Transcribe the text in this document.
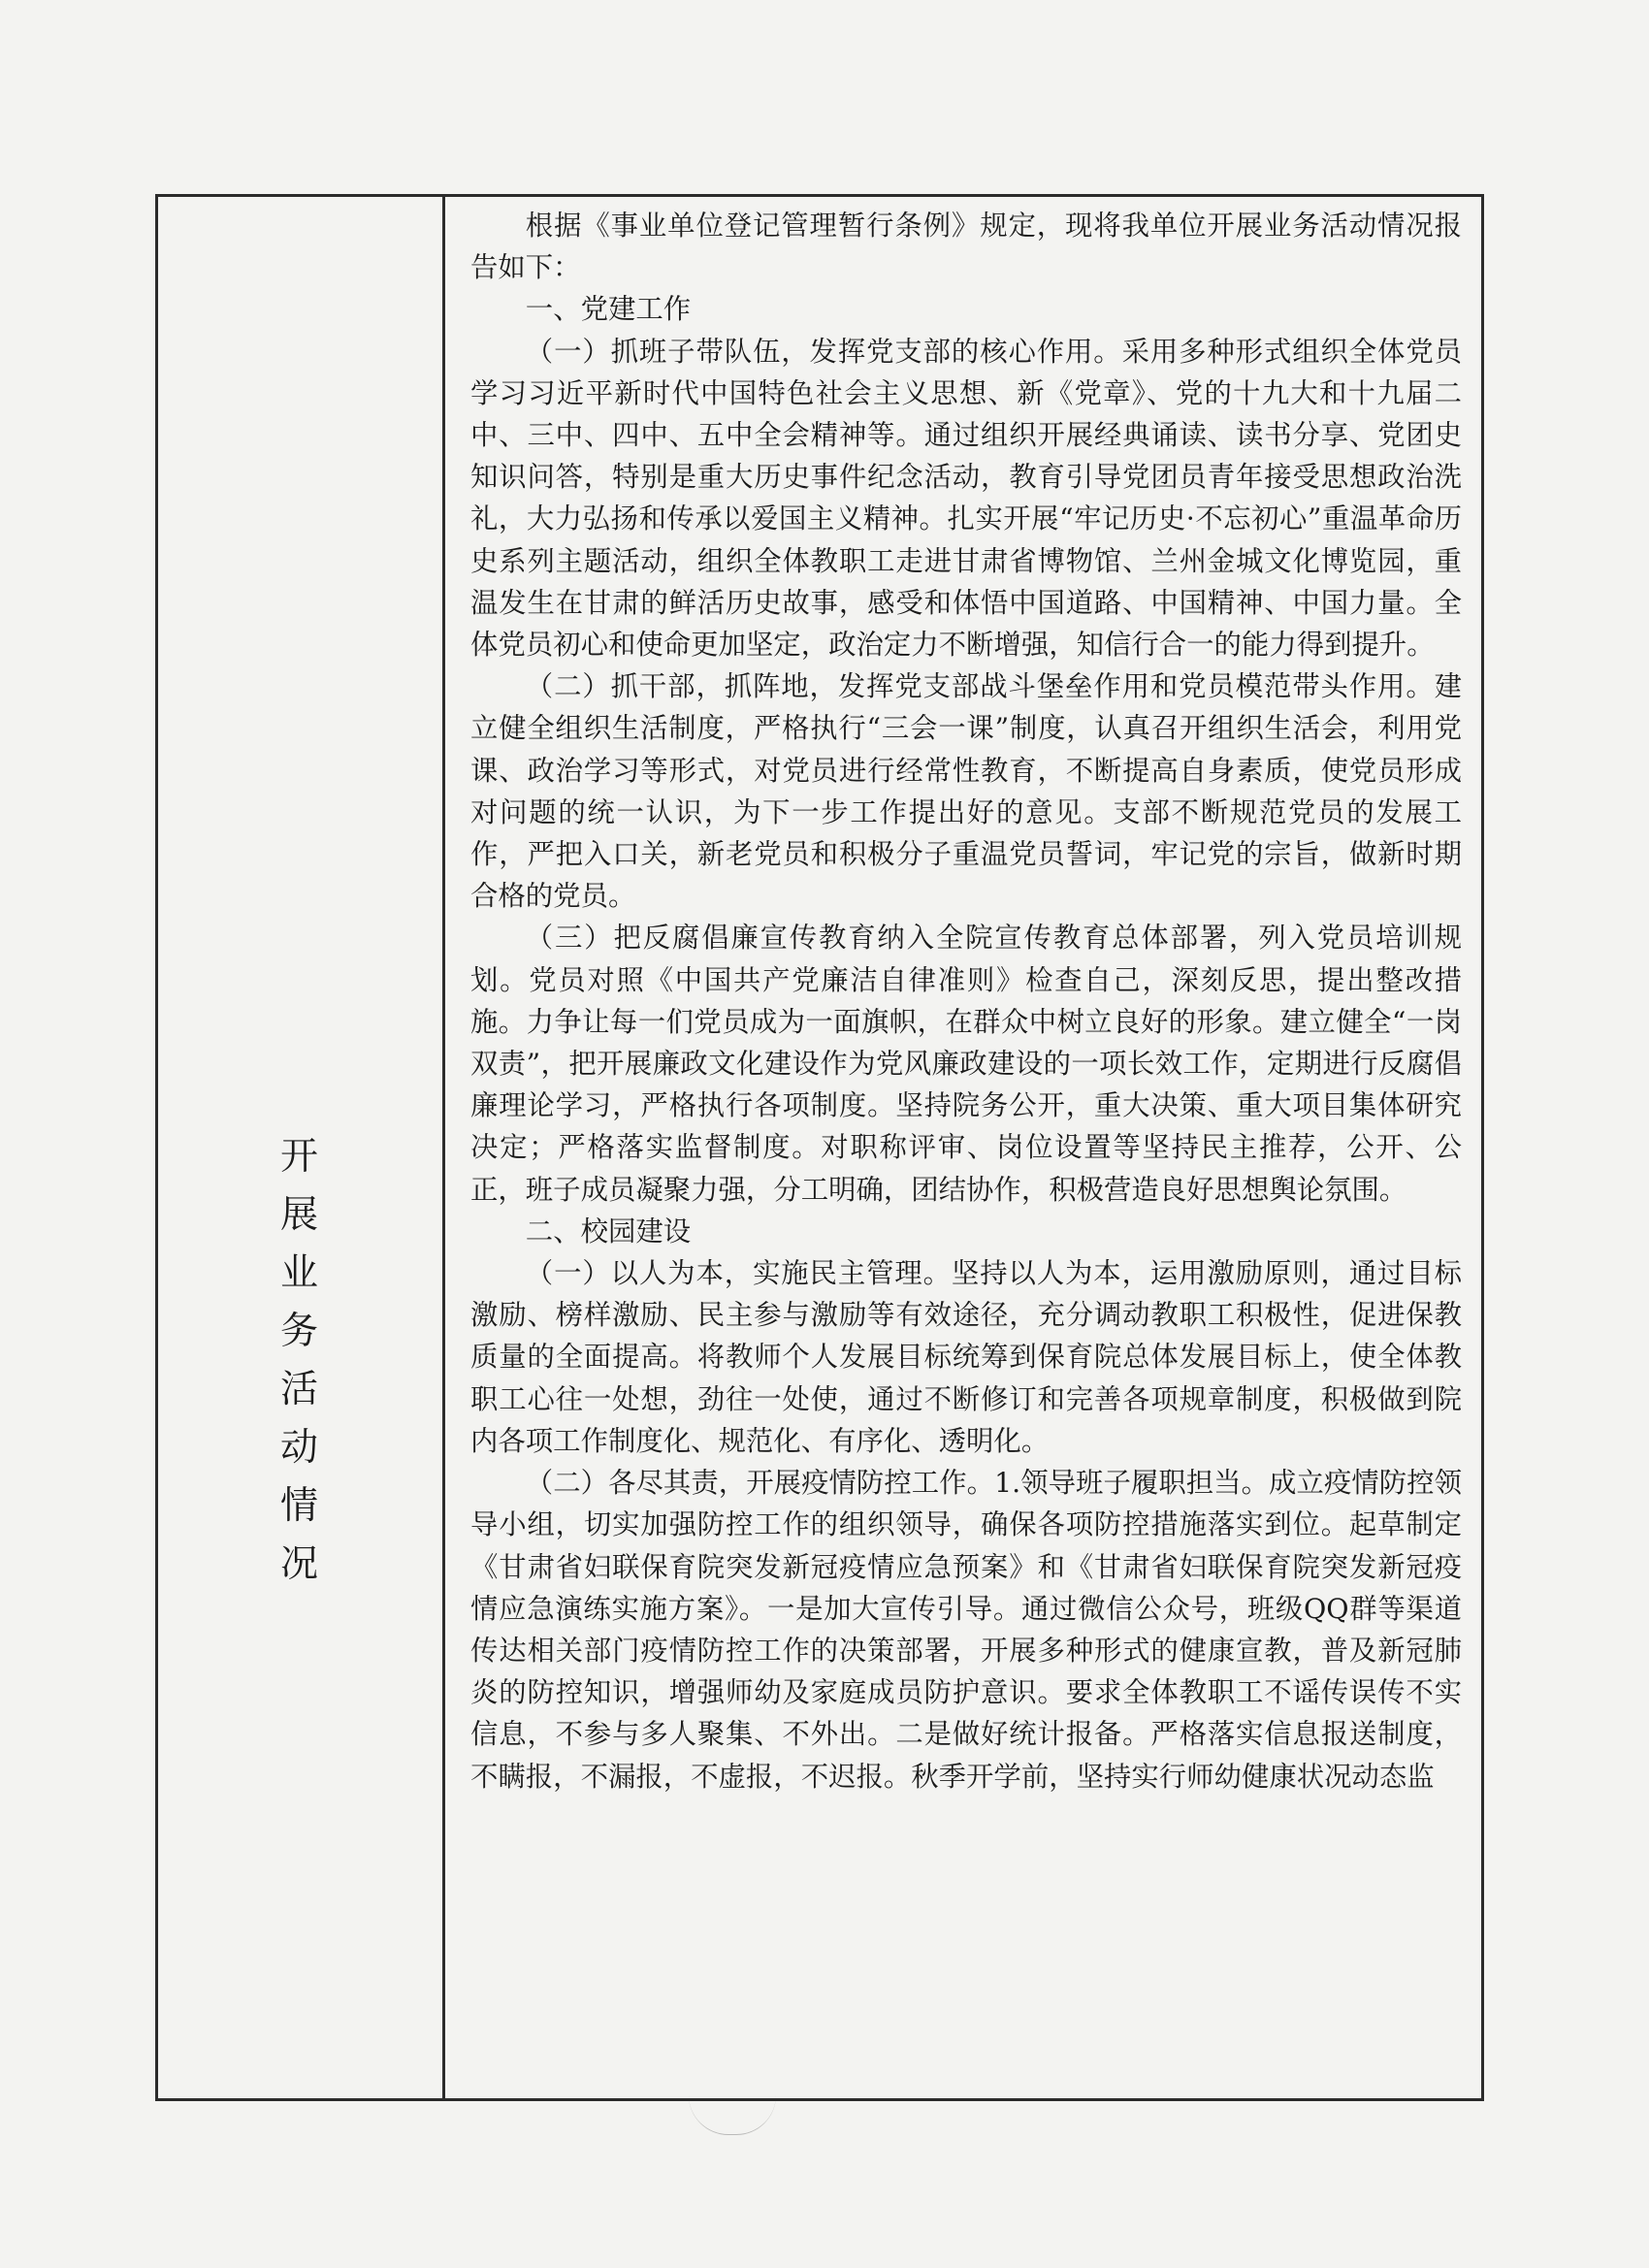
开
展
业
务
活
动
情
况

根据《事业单位登记管理暂行条例》规定，现将我单位开展业务活动情况报告如下：

一、党建工作

（一）抓班子带队伍，发挥党支部的核心作用。采用多种形式组织全体党员学习习近平新时代中国特色社会主义思想、新《党章》、党的十九大和十九届二中、三中、四中、五中全会精神等。通过组织开展经典诵读、读书分享、党团史知识问答，特别是重大历史事件纪念活动，教育引导党团员青年接受思想政治洗礼，大力弘扬和传承以爱国主义精神。扎实开展“牢记历史·不忘初心”重温革命历史系列主题活动，组织全体教职工走进甘肃省博物馆、兰州金城文化博览园，重温发生在甘肃的鲜活历史故事，感受和体悟中国道路、中国精神、中国力量。全体党员初心和使命更加坚定，政治定力不断增强，知信行合一的能力得到提升。

（二）抓干部，抓阵地，发挥党支部战斗堡垒作用和党员模范带头作用。建立健全组织生活制度，严格执行“三会一课”制度，认真召开组织生活会，利用党课、政治学习等形式，对党员进行经常性教育，不断提高自身素质，使党员形成对问题的统一认识，为下一步工作提出好的意见。支部不断规范党员的发展工作，严把入口关，新老党员和积极分子重温党员誓词，牢记党的宗旨，做新时期合格的党员。

（三）把反腐倡廉宣传教育纳入全院宣传教育总体部署，列入党员培训规划。党员对照《中国共产党廉洁自律准则》检查自己，深刻反思，提出整改措施。力争让每一们党员成为一面旗帜，在群众中树立良好的形象。建立健全“一岗双责”，把开展廉政文化建设作为党风廉政建设的一项长效工作，定期进行反腐倡廉理论学习，严格执行各项制度。坚持院务公开，重大决策、重大项目集体研究决定；严格落实监督制度。对职称评审、岗位设置等坚持民主推荐，公开、公正，班子成员凝聚力强，分工明确，团结协作，积极营造良好思想舆论氛围。

二、校园建设

（一）以人为本，实施民主管理。坚持以人为本，运用激励原则，通过目标激励、榜样激励、民主参与激励等有效途径，充分调动教职工积极性，促进保教质量的全面提高。将教师个人发展目标统筹到保育院总体发展目标上，使全体教职工心往一处想，劲往一处使，通过不断修订和完善各项规章制度，积极做到院内各项工作制度化、规范化、有序化、透明化。

（二）各尽其责，开展疫情防控工作。1.领导班子履职担当。成立疫情防控领导小组，切实加强防控工作的组织领导，确保各项防控措施落实到位。起草制定《甘肃省妇联保育院突发新冠疫情应急预案》和《甘肃省妇联保育院突发新冠疫情应急演练实施方案》。一是加大宣传引导。通过微信公众号，班级QQ群等渠道传达相关部门疫情防控工作的决策部署，开展多种形式的健康宣教，普及新冠肺炎的防控知识，增强师幼及家庭成员防护意识。要求全体教职工不谣传误传不实信息，不参与多人聚集、不外出。二是做好统计报备。严格落实信息报送制度，不瞒报，不漏报，不虚报，不迟报。秋季开学前，坚持实行师幼健康状况动态监
